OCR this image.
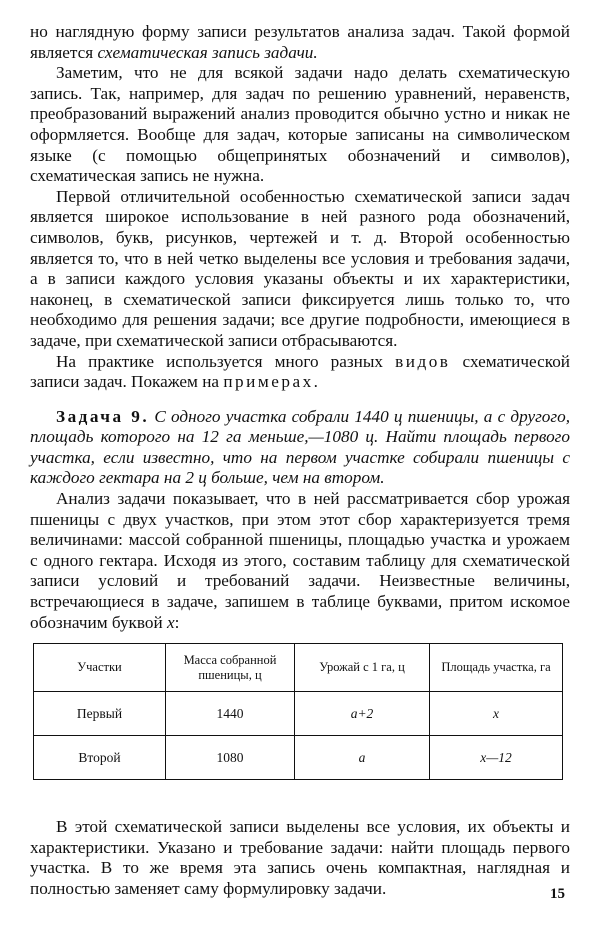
но наглядную форму записи результатов анализа задач. Такой формой является схематическая запись задачи.

Заметим, что не для всякой задачи надо делать схематическую запись. Так, например, для задач по решению уравнений, неравенств, преобразований выражений анализ проводится обычно устно и никак не оформляется. Вообще для задач, которые записаны на символическом языке (с помощью общепринятых обозначений и символов), схематическая запись не нужна.

Первой отличительной особенностью схематической записи задач является широкое использование в ней разного рода обозначений, символов, букв, рисунков, чертежей и т. д. Второй особенностью является то, что в ней четко выделены все условия и требования задачи, а в записи каждого условия указаны объекты и их характеристики, наконец, в схематической записи фиксируется лишь только то, что необходимо для решения задачи; все другие подробности, имеющиеся в задаче, при схематической записи отбрасываются.

На практике используется много разных видов схематической записи задач. Покажем на примерах.

Задача 9. С одного участка собрали 1440 ц пшеницы, а с другого, площадь которого на 12 га меньше,—1080 ц. Найти площадь первого участка, если известно, что на первом участке собирали пшеницы с каждого гектара на 2 ц больше, чем на втором.

Анализ задачи показывает, что в ней рассматривается сбор урожая пшеницы с двух участков, при этом этот сбор характеризуется тремя величинами: массой собранной пшеницы, площадью участка и урожаем с одного гектара. Исходя из этого, составим таблицу для схематической записи условий и требований задачи. Неизвестные величины, встречающиеся в задаче, запишем в таблице буквами, притом искомое обозначим буквой x:

Участки	Масса собранной пшеницы, ц	Урожай с 1 га, ц	Площадь участка, га
Первый	1440	a+2	x
Второй	1080	a	x—12

В этой схематической записи выделены все условия, их объекты и характеристики. Указано и требование задачи: найти площадь первого участка. В то же время эта запись очень компактная, наглядная и полностью заменяет саму формулировку задачи.	15
